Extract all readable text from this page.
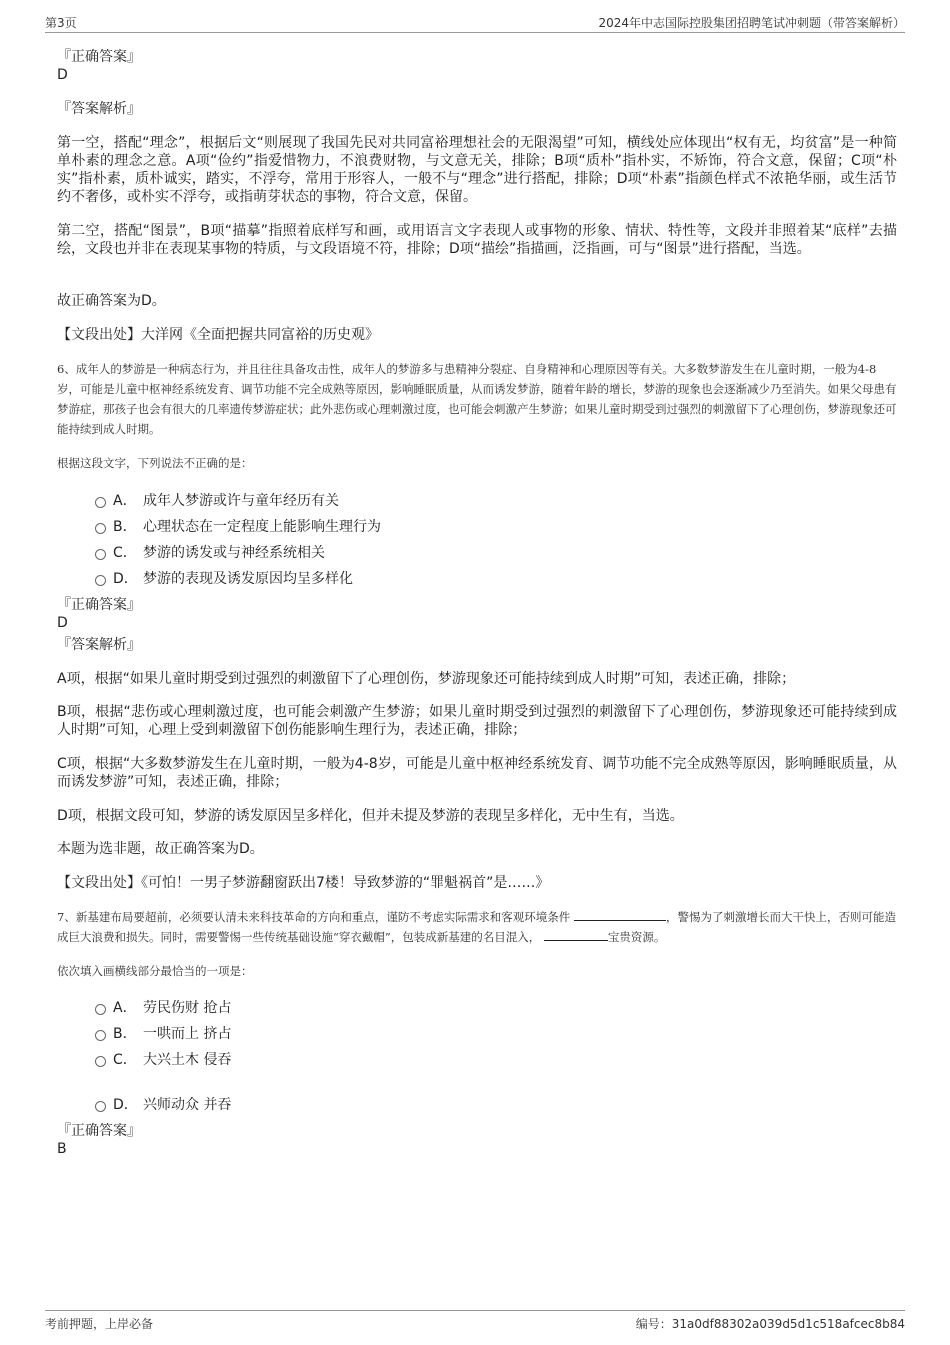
第3页	2024年中志国际控股集团招聘笔试冲刺题（带答案解析）
『正确答案』
D
『答案解析』
第一空，搭配“理念”，根据后文“则展现了我国先民对共同富裕理想社会的无限渴望”可知，横线处应体现出“权有无，均贫富”是一种简单朴素的理念之意。A项“俭约”指爱惜物力，不浪费财物，与文意无关，排除；B项“质朴”指朴实，不矫饰，符合文意，保留；C项“朴实”指朴素，质朴诚实，踏实，不浮夸，常用于形容人，一般不与“理念”进行搭配，排除；D项“朴素”指颜色样式不浓艳华丽，或生活节约不奢侈，或朴实不浮夸，或指萌芽状态的事物，符合文意，保留。
第二空，搭配“图景”，B项“描摹”指照着底样写和画，或用语言文字表现人或事物的形象、情状、特性等，文段并非照着某“底样”去描绘，文段也并非在表现某事物的特质，与文段语境不符，排除；D项“描绘”指描画，泛指画，可与“图景”进行搭配，当选。
故正确答案为D。
【文段出处】大洋网《全面把握共同富裕的历史观》
6、成年人的梦游是一种病态行为，并且往往具备攻击性，成年人的梦游多与患精神分裂症、自身精神和心理原因等有关。大多数梦游发生在儿童时期，一般为4-8岁，可能是儿童中枢神经系统发育、调节功能不完全成熟等原因，影响睡眠质量，从而诱发梦游，随着年龄的增长，梦游的现象也会逐渐减少乃至消失。如果父母患有梦游症，那孩子也会有很大的几率遗传梦游症状；此外悲伤或心理刺激过度，也可能会刺激产生梦游；如果儿童时期受到过强烈的刺激留下了心理创伤，梦游现象还可能持续到成人时期。
根据这段文字，下列说法不正确的是：
A． 成年人梦游或许与童年经历有关
B． 心理状态在一定程度上能影响生理行为
C． 梦游的诱发或与神经系统相关
D． 梦游的表现及诱发原因均呈多样化
『正确答案』
D
『答案解析』
A项，根据“如果儿童时期受到过强烈的刺激留下了心理创伤，梦游现象还可能持续到成人时期”可知，表述正确，排除；
B项，根据“悲伤或心理刺激过度，也可能会刺激产生梦游；如果儿童时期受到过强烈的刺激留下了心理创伤，梦游现象还可能持续到成人时期”可知，心理上受到刺激留下创伤能影响生理行为，表述正确，排除；
C项，根据“大多数梦游发生在儿童时期，一般为4-8岁，可能是儿童中枢神经系统发育、调节功能不完全成熟等原因，影响睡眠质量，从而诱发梦游”可知，表述正确，排除；
D项，根据文段可知，梦游的诱发原因呈多样化，但并未提及梦游的表现呈多样化，无中生有，当选。
本题为选非题，故正确答案为D。
【文段出处】《可怕！一男子梦游翻窗跃出7楼！导致梦游的“罪魁祸首”是……》
7、新基建布局要超前，必须要认清未来科技革命的方向和重点，谨防不考虑实际需求和客观环境条件	，警惕为了刺激增长而大干快上，否则可能造成巨大浪费和损失。同时，需要警惕一些传统基础设施“穿衣戴帽”，包装成新基建的名目混入，	宝贵资源。
依次填入画横线部分最恰当的一项是：
A． 劳民伤财 抢占
B． 一哄而上 挤占
C． 大兴土木 侵吞
D． 兴师动众 并吞
『正确答案』
B
考前押题，上岸必备	编号：31a0df88302a039d5d1c518afcec8b84
